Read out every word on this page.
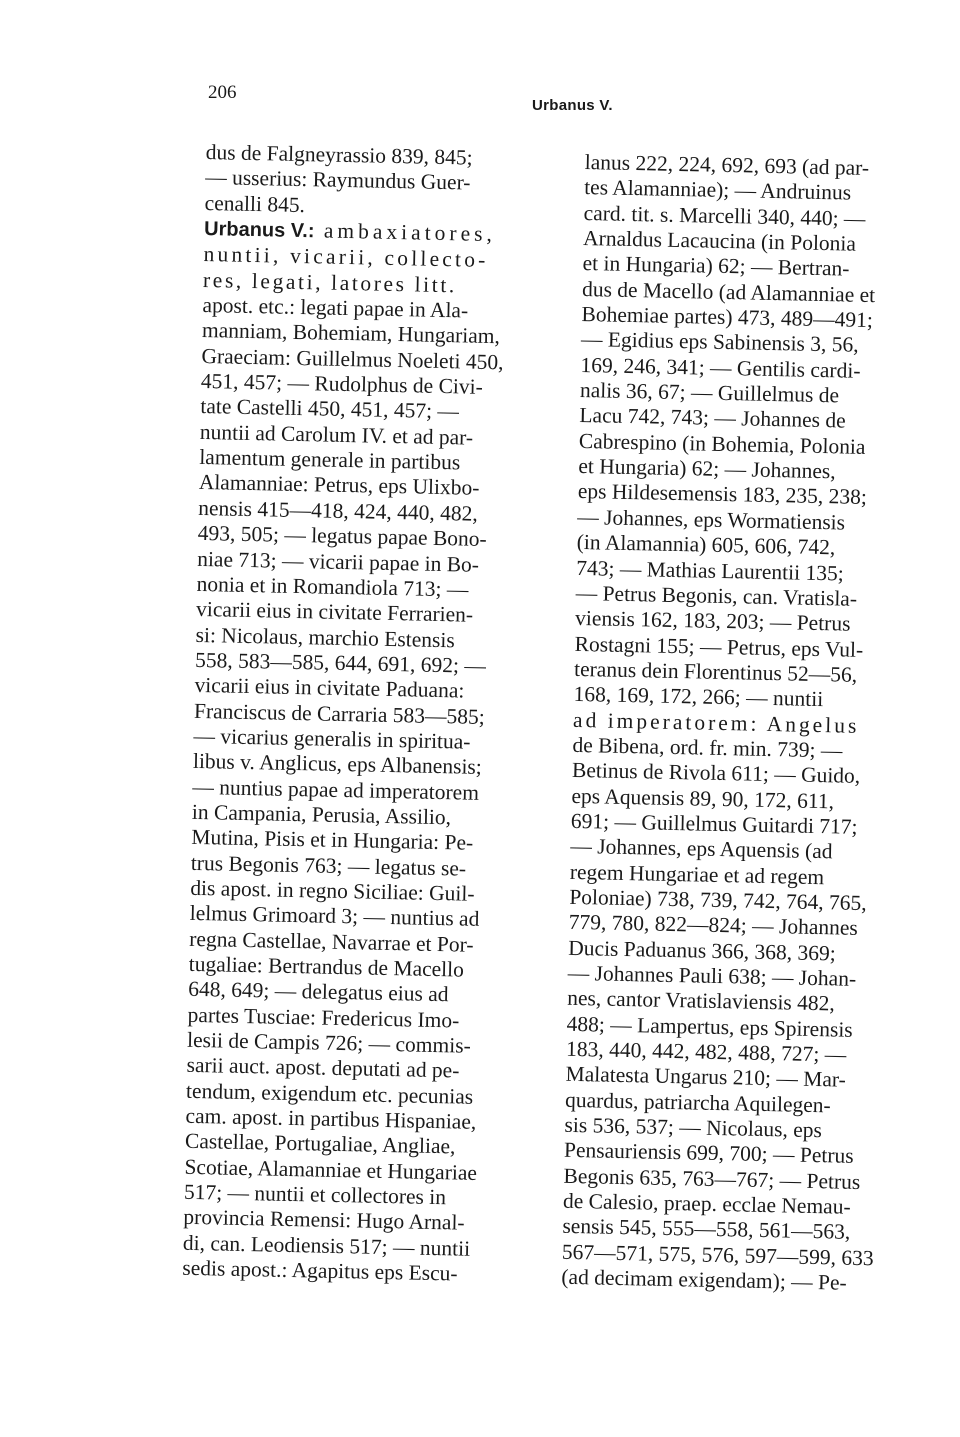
206
Urbanus V.
dus de Falgneyrassio 839, 845;
— usserius: Raymundus Guer-
cenalli 845.
Urbanus V.: ambaxiatores,
nuntii, vicarii, collecto-
res, legati, latores litt.
apost. etc.: legati papae in Ala-
manniam, Bohemiam, Hungariam,
Graeciam: Guillelmus Noeleti 450,
451, 457; — Rudolphus de Civi-
tate Castelli 450, 451, 457; —
nuntii ad Carolum IV. et ad par-
lamentum generale in partibus
Alamanniae: Petrus, eps Ulixbo-
nensis 415—418, 424, 440, 482,
493, 505; — legatus papae Bono-
niae 713; — vicarii papae in Bo-
nonia et in Romandiola 713; —
vicarii eius in civitate Ferrarien-
si: Nicolaus, marchio Estensis
558, 583—585, 644, 691, 692; —
vicarii eius in civitate Paduana:
Franciscus de Carraria 583—585;
— vicarius generalis in spiritua-
libus v. Anglicus, eps Albanensis;
— nuntius papae ad imperatorem
in Campania, Perusia, Assilio,
Mutina, Pisis et in Hungaria: Pe-
trus Begonis 763; — legatus se-
dis apost. in regno Siciliae: Guil-
lelmus Grimoard 3; — nuntius ad
regna Castellae, Navarrae et Por-
tugaliae: Bertrandus de Macello
648, 649; — delegatus eius ad
partes Tusciae: Fredericus Imo-
lesii de Campis 726; — commis-
sarii auct. apost. deputati ad pe-
tendum, exigendum etc. pecunias
cam. apost. in partibus Hispaniae,
Castellae, Portugaliae, Angliae,
Scotiae, Alamanniae et Hungariae
517; — nuntii et collectores in
provincia Remensi: Hugo Arnal-
di, can. Leodiensis 517; — nuntii
sedis apost.: Agapitus eps Escu-
lanus 222, 224, 692, 693 (ad par-
tes Alamanniae); — Andruinus
card. tit. s. Marcelli 340, 440; —
Arnaldus Lacaucina (in Polonia
et in Hungaria) 62; — Bertran-
dus de Macello (ad Alamanniae et
Bohemiae partes) 473, 489—491;
— Egidius eps Sabinensis 3, 56,
169, 246, 341; — Gentilis cardi-
nalis 36, 67; — Guillelmus de
Lacu 742, 743; — Johannes de
Cabrespino (in Bohemia, Polonia
et Hungaria) 62; — Johannes,
eps Hildesemensis 183, 235, 238;
— Johannes, eps Wormatiensis
(in Alamannia) 605, 606, 742,
743; — Mathias Laurentii 135;
— Petrus Begonis, can. Vratisla-
viensis 162, 183, 203; — Petrus
Rostagni 155; — Petrus, eps Vul-
teranus dein Florentinus 52—56,
168, 169, 172, 266; — nuntii
ad imperatorem: Angelus
de Bibena, ord. fr. min. 739; —
Betinus de Rivola 611; — Guido,
eps Aquensis 89, 90, 172, 611,
691; — Guillelmus Guitardi 717;
— Johannes, eps Aquensis (ad
regem Hungariae et ad regem
Poloniae) 738, 739, 742, 764, 765,
779, 780, 822—824; — Johannes
Ducis Paduanus 366, 368, 369;
— Johannes Pauli 638; — Johan-
nes, cantor Vratislaviensis 482,
488; — Lampertus, eps Spirensis
183, 440, 442, 482, 488, 727; —
Malatesta Ungarus 210; — Mar-
quardus, patriarcha Aquilegen-
sis 536, 537; — Nicolaus, eps
Pensauriensis 699, 700; — Petrus
Begonis 635, 763—767; — Petrus
de Calesio, praep. ecclae Nemau-
sensis 545, 555—558, 561—563,
567—571, 575, 576, 597—599, 633
(ad decimam exigendam); — Pe-
